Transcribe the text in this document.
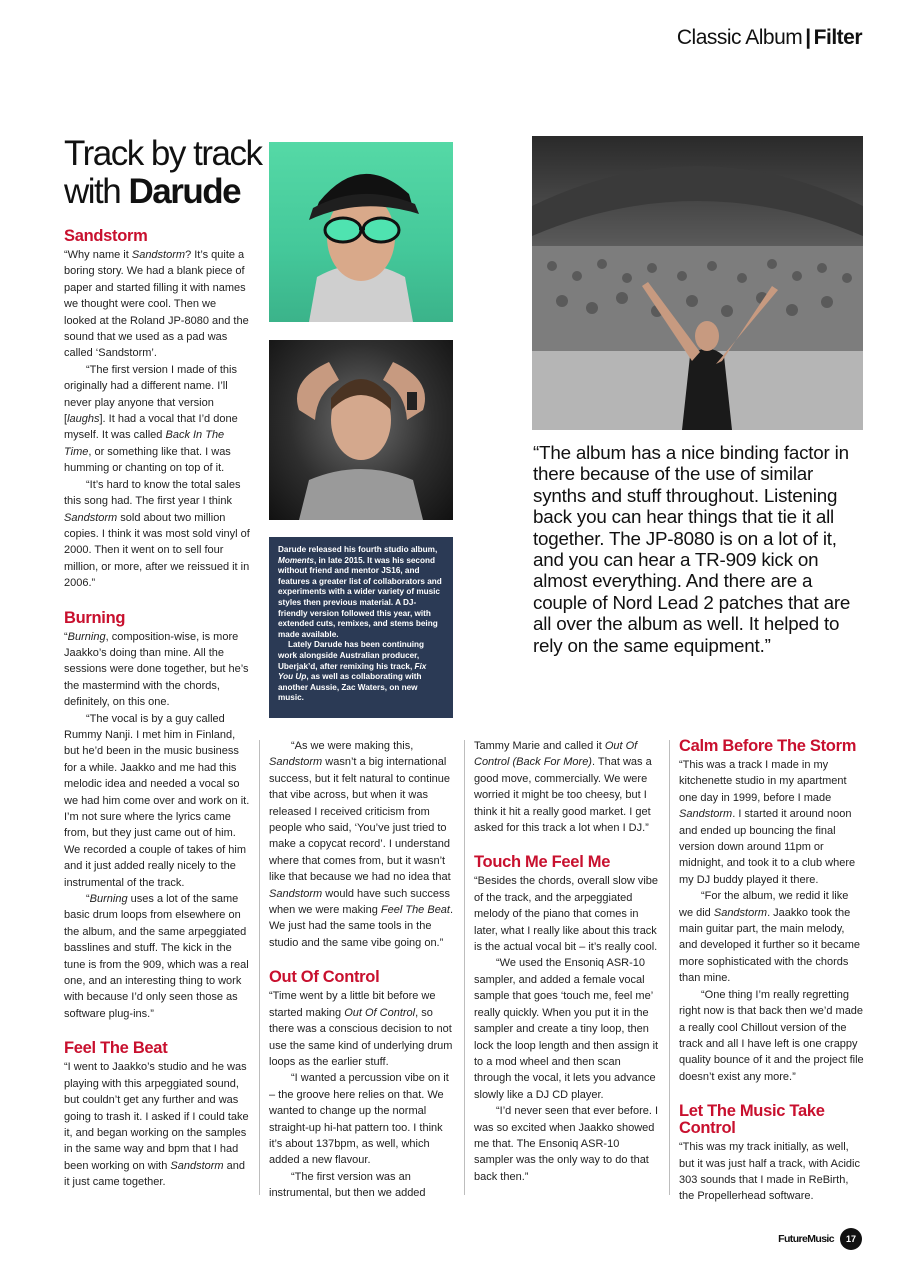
Classic Album | Filter
Track by track
with Darude
Sandstorm

“Why name it Sandstorm? It’s quite a boring story. We had a blank piece of paper and started filling it with names we thought were cool. Then we looked at the Roland JP-8080 and the sound that we used as a pad was called ‘Sandstorm’.

“The first version I made of this originally had a different name. I’ll never play anyone that version [laughs]. It had a vocal that I’d done myself. It was called Back In The Time, or something like that. I was humming or chanting on top of it.

“It’s hard to know the total sales this song had. The first year I think Sandstorm sold about two million copies. I think it was most sold vinyl of 2000. Then it went on to sell four million, or more, after we reissued it in 2006.”

Burning

“Burning, composition-wise, is more Jaakko’s doing than mine. All the sessions were done together, but he’s the mastermind with the chords, definitely, on this one.

“The vocal is by a guy called Rummy Nanji. I met him in Finland, but he’d been in the music business for a while. Jaakko and me had this melodic idea and needed a vocal so we had him come over and work on it. I’m not sure where the lyrics came from, but they just came out of him. We recorded a couple of takes of him and it just added really nicely to the instrumental of the track.

“Burning uses a lot of the same basic drum loops from elsewhere on the album, and the same arpeggiated basslines and stuff. The kick in the tune is from the 909, which was a real one, and an interesting thing to work with because I’d only seen those as software plug-ins.”

Feel The Beat

“I went to Jaakko’s studio and he was playing with this arpeggiated sound, but couldn’t get any further and was going to trash it. I asked if I could take it, and began working on the samples in the same way and bpm that I had been working on with Sandstorm and it just came together.

Darude released his fourth studio album, Moments, in late 2015. It was his second without friend and mentor JS16, and features a greater list of collaborators and experiments with a wider variety of music styles then previous material. A DJ-friendly version followed this year, with extended cuts, remixes, and stems being made available.

Lately Darude has been continuing work alongside Australian producer, Uberjak’d, after remixing his track, Fix You Up, as well as collaborating with another Aussie, Zac Waters, on new music.

“The album has a nice binding factor in there because of the use of similar synths and stuff throughout. Listening back you can hear things that tie it all together. The JP-8080 is on a lot of it, and you can hear a TR-909 kick on almost everything. And there are a couple of Nord Lead 2 patches that are all over the album as well. It helped to rely on the same equipment.”

“As we were making this, Sandstorm wasn’t a big international success, but it felt natural to continue that vibe across, but when it was released I received criticism from people who said, ‘You’ve just tried to make a copycat record’. I understand where that comes from, but it wasn’t like that because we had no idea that Sandstorm would have such success when we were making Feel The Beat. We just had the same tools in the studio and the same vibe going on.”

Out Of Control

“Time went by a little bit before we started making Out Of Control, so there was a conscious decision to not use the same kind of underlying drum loops as the earlier stuff.

“I wanted a percussion vibe on it – the groove here relies on that. We wanted to change up the normal straight-up hi-hat pattern too. I think it’s about 137bpm, as well, which added a new flavour.

“The first version was an instrumental, but then we added

Tammy Marie and called it Out Of Control (Back For More). That was a good move, commercially. We were worried it might be too cheesy, but I think it hit a really good market. I get asked for this track a lot when I DJ.”

Touch Me Feel Me

“Besides the chords, overall slow vibe of the track, and the arpeggiated melody of the piano that comes in later, what I really like about this track is the actual vocal bit – it’s really cool.

“We used the Ensoniq ASR-10 sampler, and added a female vocal sample that goes ‘touch me, feel me’ really quickly. When you put it in the sampler and create a tiny loop, then lock the loop length and then assign it to a mod wheel and then scan through the vocal, it lets you advance slowly like a DJ CD player.

“I’d never seen that ever before. I was so excited when Jaakko showed me that. The Ensoniq ASR-10 sampler was the only way to do that back then.”

Calm Before The Storm

“This was a track I made in my kitchenette studio in my apartment one day in 1999, before I made Sandstorm. I started it around noon and ended up bouncing the final version down around 11pm or midnight, and took it to a club where my DJ buddy played it there.

“For the album, we redid it like we did Sandstorm. Jaakko took the main guitar part, the main melody, and developed it further so it became more sophisticated with the chords than mine.

“One thing I’m really regretting right now is that back then we’d made a really cool Chillout version of the track and all I have left is one crappy quality bounce of it and the project file doesn’t exist any more.”

Let The Music Take Control

“This was my track initially, as well, but it was just half a track, with Acidic 303 sounds that I made in ReBirth, the Propellerhead software.

FutureMusic	17
